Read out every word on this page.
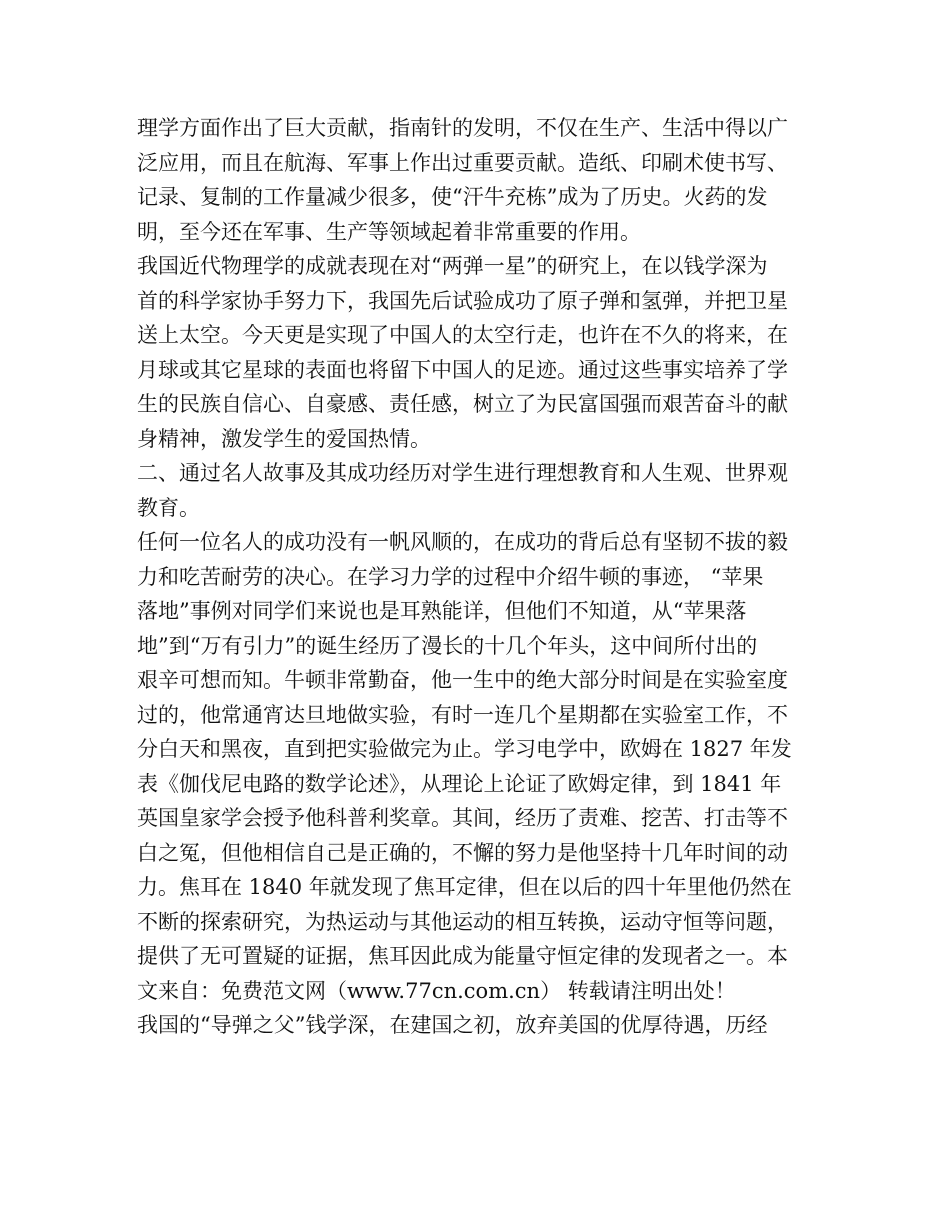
理学方面作出了巨大贡献，指南针的发明，不仅在生产、生活中得以广
泛应用，而且在航海、军事上作出过重要贡献。造纸、印刷术使书写、
记录、复制的工作量减少很多，使“汗牛充栋”成为了历史。火药的发
明，至今还在军事、生产等领域起着非常重要的作用。
我国近代物理学的成就表现在对“两弹一星”的研究上，在以钱学深为
首的科学家协手努力下，我国先后试验成功了原子弹和氢弹，并把卫星
送上太空。今天更是实现了中国人的太空行走，也许在不久的将来，在
月球或其它星球的表面也将留下中国人的足迹。通过这些事实培养了学
生的民族自信心、自豪感、责任感，树立了为民富国强而艰苦奋斗的献
身精神，激发学生的爱国热情。
二、通过名人故事及其成功经历对学生进行理想教育和人生观、世界观
教育。
任何一位名人的成功没有一帆风顺的，在成功的背后总有坚韧不拔的毅
力和吃苦耐劳的决心。在学习力学的过程中介绍牛顿的事迹， “苹果
落地”事例对同学们来说也是耳熟能详，但他们不知道，从“苹果落
地”到“万有引力”的诞生经历了漫长的十几个年头，这中间所付出的
艰辛可想而知。牛顿非常勤奋，他一生中的绝大部分时间是在实验室度
过的，他常通宵达旦地做实验，有时一连几个星期都在实验室工作，不
分白天和黑夜，直到把实验做完为止。学习电学中，欧姆在 1827 年发
表《伽伐尼电路的数学论述》，从理论上论证了欧姆定律，到 1841 年
英国皇家学会授予他科普利奖章。其间，经历了责难、挖苦、打击等不
白之冤，但他相信自己是正确的，不懈的努力是他坚持十几年时间的动
力。焦耳在 1840 年就发现了焦耳定律，但在以后的四十年里他仍然在
不断的探索研究，为热运动与其他运动的相互转换，运动守恒等问题，
提供了无可置疑的证据，焦耳因此成为能量守恒定律的发现者之一。本
文来自：免费范文网（www.77cn.com.cn） 转载请注明出处！
我国的“导弹之父”钱学深，在建国之初，放弃美国的优厚待遇，历经
